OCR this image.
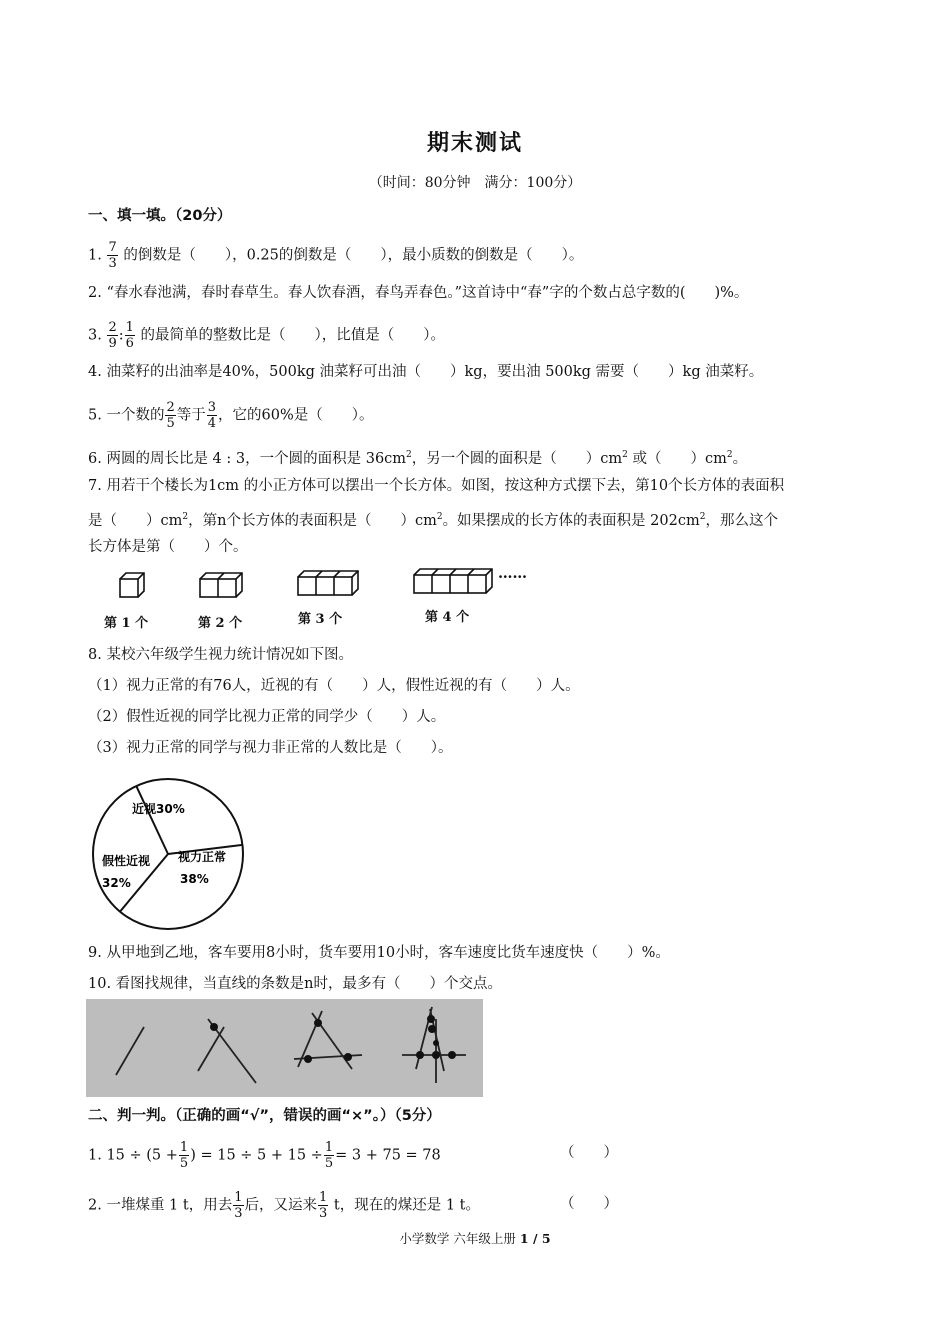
期末测试
（时间：80分钟　满分：100分）
一、填一填。（20分）
1. $\frac{7}{3}$ 的倒数是（　　），0.25的倒数是（　　），最小质数的倒数是（　　）。
2. “春水春池满，春时春草生。春人饮春酒，春鸟弄春色。”这首诗中“春”字的个数占总字数的(　　)%。
3. $\frac{2}{9}$ : $\frac{1}{6}$ 的最简单的整数比是（　　），比值是（　　）。
4. 油菜籽的出油率是40%，500kg 油菜籽可出油（　　）kg，要出油 500kg 需要（　　）kg 油菜籽。
5. 一个数的 $\frac{2}{5}$ 等于 $\frac{3}{4}$ ，它的60%是（　　）。
6. 两圆的周长比是 4 : 3，一个圆的面积是 $36cm^2$，另一个圆的面积是（　　）$cm^2$ 或（　　）$cm^2$。
7. 用若干个楼长为1cm 的小正方体可以摆出一个长方体。如图，按这种方式摆下去，第10个长方体的表面积
是（　　）$cm^2$，第n个长方体的表面积是（　　）$cm^2$。如果摆成的长方体的表面积是 $202cm^2$，那么这个
长方体是第（　　）个。
……
第 1 个	第 2 个	第 3 个	第 4 个
8. 某校六年级学生视力统计情况如下图。
（1）视力正常的有76人，近视的有（　　）人，假性近视的有（　　）人。
（2）假性近视的同学比视力正常的同学少（　　）人。
（3）视力正常的同学与视力非正常的人数比是（　　）。
近视30%
视力正常
38%
假性近视
32%
9. 从甲地到乙地，客车要用8小时，货车要用10小时，客车速度比货车速度快（　　）%。
10. 看图找规律，当直线的条数是n时，最多有（　　）个交点。
二、判一判。（正确的画“√”，错误的画“×”。）（5分）
1. $15 \div (5 + \frac{1}{5}$ ) = $15 \div 5 + 15 \div \frac{1}{5} = 3 + 75 = 78$	（　　）
2. 一堆煤重 1 t，用去 $\frac{1}{3}$ 后，又运来 $\frac{1}{3}$ t，现在的煤还是 1 t。	（　　）
小学数学 六年级上册 1 / 5
